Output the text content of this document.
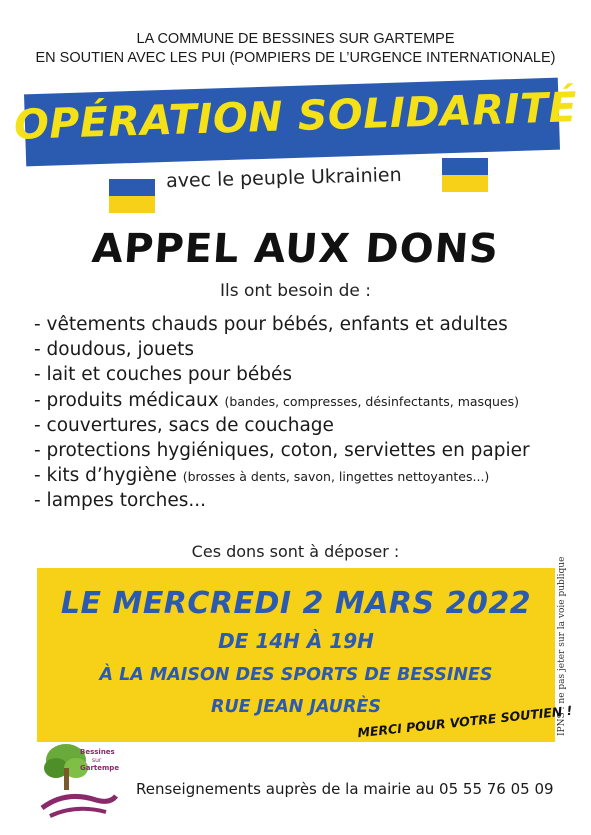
LA COMMUNE DE BESSINES SUR GARTEMPE
EN SOUTIEN AVEC LES PUI (POMPIERS DE L’URGENCE INTERNATIONALE)
OPÉRATION SOLIDARITÉ
avec le peuple Ukrainien
APPEL AUX DONS
Ils ont besoin de :
- vêtements chauds pour bébés, enfants et adultes
- doudous, jouets
- lait et couches pour bébés
- produits médicaux (bandes, compresses, désinfectants, masques)
- couvertures, sacs de couchage
- protections hygiéniques, coton, serviettes en papier
- kits d’hygiène (brosses à dents, savon, lingettes nettoyantes...)
- lampes torches...
Ces dons sont à déposer :
LE MERCREDI 2 MARS 2022
DE 14H À 19H
À LA MAISON DES SPORTS DE BESSINES
RUE JEAN JAURÈS	IPNS : ne pas jeter sur la voie publique
MERCI POUR VOTRE SOUTIEN !
Bessines
sur
Gartempe
Renseignements auprès de la mairie au 05 55 76 05 09
